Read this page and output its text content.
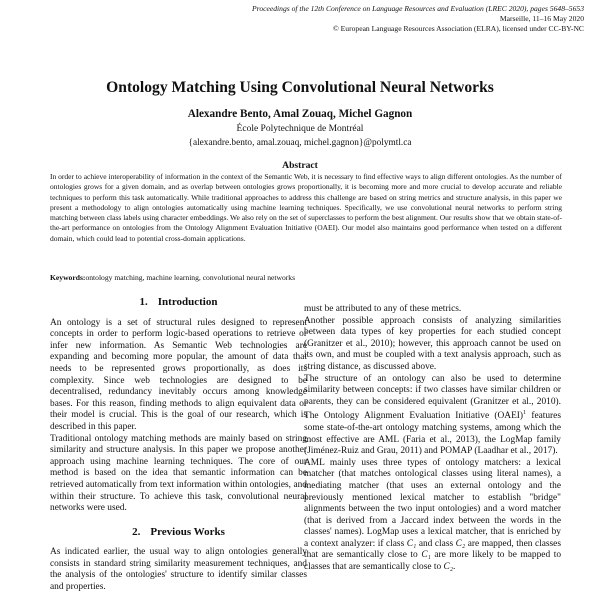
Proceedings of the 12th Conference on Language Resources and Evaluation (LREC 2020), pages 5648–5653
Marseille, 11–16 May 2020
© European Language Resources Association (ELRA), licensed under CC-BY-NC
Ontology Matching Using Convolutional Neural Networks
Alexandre Bento, Amal Zouaq, Michel Gagnon
École Polytechnique de Montréal
{alexandre.bento, amal.zouaq, michel.gagnon}@polymtl.ca
Abstract
In order to achieve interoperability of information in the context of the Semantic Web, it is necessary to find effective ways to align different ontologies. As the number of ontologies grows for a given domain, and as overlap between ontologies grows proportionally, it is becoming more and more crucial to develop accurate and reliable techniques to perform this task automatically. While traditional approaches to address this challenge are based on string metrics and structure analysis, in this paper we present a methodology to align ontologies automatically using machine learning techniques. Specifically, we use convolutional neural networks to perform string matching between class labels using character embeddings. We also rely on the set of superclasses to perform the best alignment. Our results show that we obtain state-of-the-art performance on ontologies from the Ontology Alignment Evaluation Initiative (OAEI). Our model also maintains good performance when tested on a different domain, which could lead to potential cross-domain applications.
Keywords:ontology matching, machine learning, convolutional neural networks
1. Introduction

An ontology is a set of structural rules designed to represent concepts in order to perform logic-based operations to retrieve or infer new information. As Semantic Web technologies are expanding and becoming more popular, the amount of data that needs to be represented grows proportionally, as does its complexity. Since web technologies are designed to be decentralised, redundancy inevitably occurs among knowledge bases. For this reason, finding methods to align equivalent data or their model is crucial. This is the goal of our research, which is described in this paper.

Traditional ontology matching methods are mainly based on string similarity and structure analysis. In this paper we propose another approach using machine learning techniques. The core of our method is based on the idea that semantic information can be retrieved automatically from text information within ontologies, and within their structure. To achieve this task, convolutional neural networks were used.

2. Previous Works

As indicated earlier, the usual way to align ontologies generally consists in standard string similarity measurement techniques, and the analysis of the ontologies' structure to identify similar classes and properties.

must be attributed to any of these metrics.

Another possible approach consists of analyzing similarities between data types of key properties for each studied concept (Granitzer et al., 2010); however, this approach cannot be used on its own, and must be coupled with a text analysis approach, such as string distance, as discussed above.

The structure of an ontology can also be used to determine similarity between concepts: if two classes have similar children or parents, they can be considered equivalent (Granitzer et al., 2010). The Ontology Alignment Evaluation Initiative (OAEI)$^1$ features some state-of-the-art ontology matching systems, among which the most effective are AML (Faria et al., 2013), the LogMap family (Jiménez-Ruiz and Grau, 2011) and POMAP (Laadhar et al., 2017).

AML mainly uses three types of ontology matchers: a lexical matcher (that matches ontological classes using literal names), a mediating matcher (that uses an external ontology and the previously mentioned lexical matcher to establish "bridge" alignments between the two input ontologies) and a word matcher (that is derived from a Jaccard index between the words in the classes' names). LogMap uses a lexical matcher, that is enriched by a context analyzer: if class C₁ and class C₂ are mapped, then classes that are semantically close to C₁ are more likely to be mapped to classes that are semantically close to C₂.
